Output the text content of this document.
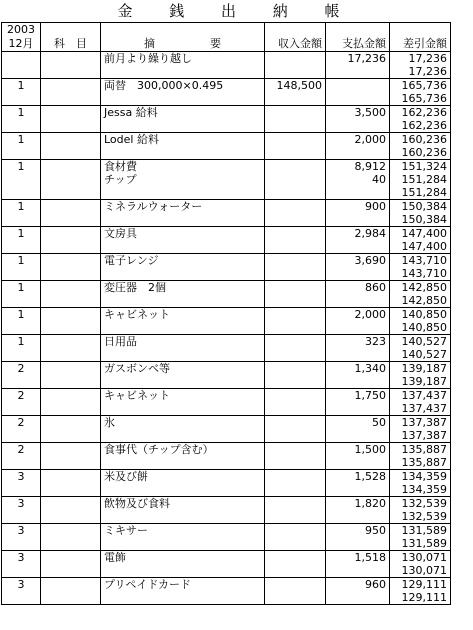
金 銭 出 納 帳
2003					
12月	科　目	摘　　　　　要	収入金額	支払金額	差引金額
		前月より繰り越し		17,236	17,236
					17,236
1		両替　300,000×0.495	148,500		165,736
					165,736
1		Jessa 給料		3,500	162,236
					162,236
1		Lodel 給料		2,000	160,236
					160,236
1		食材費		8,912	151,324
		チップ		40	151,284
					151,284
1		ミネラルウォーター		900	150,384
					150,384
1		文房具		2,984	147,400
					147,400
1		電子レンジ		3,690	143,710
					143,710
1		変圧器　2個		860	142,850
					142,850
1		キャビネット		2,000	140,850
					140,850
1		日用品		323	140,527
					140,527
2		ガスボンベ等		1,340	139,187
					139,187
2		キャビネット		1,750	137,437
					137,437
2		氷		50	137,387
					137,387
2		食事代（チップ含む）		1,500	135,887
					135,887
3		米及び餅		1,528	134,359
					134,359
3		飲物及び食料		1,820	132,539
					132,539
3		ミキサー		950	131,589
					131,589
3		電飾		1,518	130,071
					130,071
3		プリペイドカード		960	129,111
					129,111
